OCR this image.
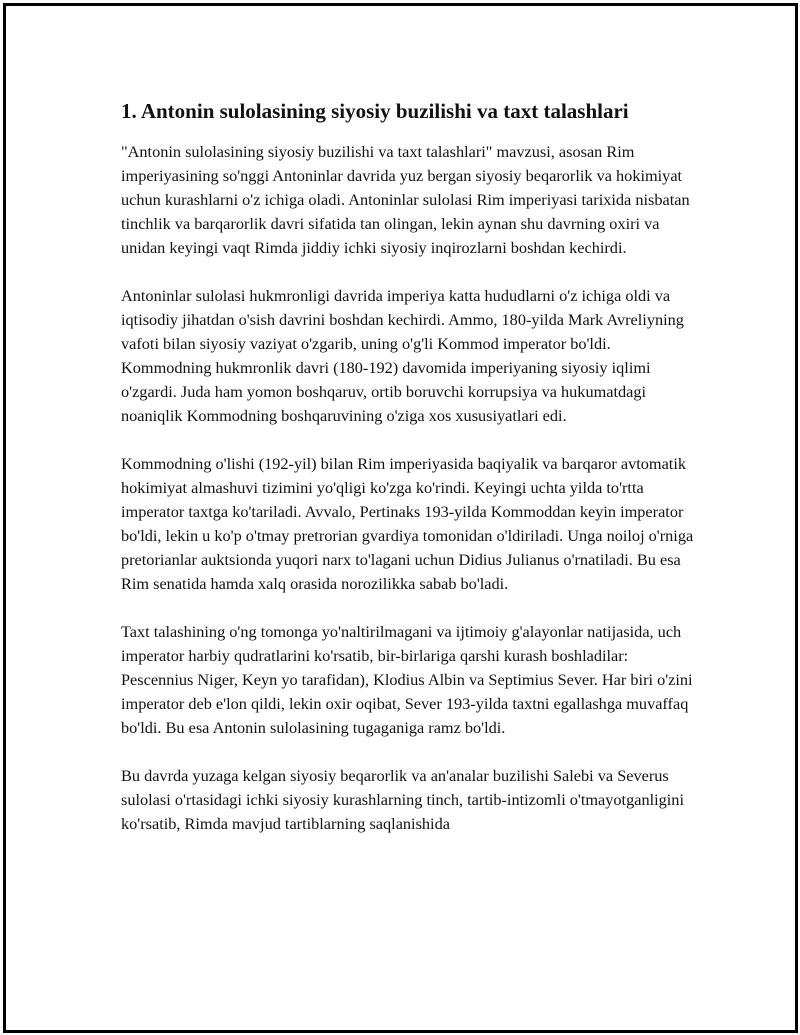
1. Antonin sulolasining siyosiy buzilishi va taxt talashlari

"Antonin sulolasining siyosiy buzilishi va taxt talashlari" mavzusi, asosan Rim imperiyasining so'nggi Antoninlar davrida yuz bergan siyosiy beqarorlik va hokimiyat uchun kurashlarni o'z ichiga oladi. Antoninlar sulolasi Rim imperiyasi tarixida nisbatan tinchlik va barqarorlik davri sifatida tan olingan, lekin aynan shu davrning oxiri va unidan keyingi vaqt Rimda jiddiy ichki siyosiy inqirozlarni boshdan kechirdi.

Antoninlar sulolasi hukmronligi davrida imperiya katta hududlarni o'z ichiga oldi va iqtisodiy jihatdan o'sish davrini boshdan kechirdi. Ammo, 180-yilda Mark Avreliyning vafoti bilan siyosiy vaziyat o'zgarib, uning o'g'li Kommod imperator bo'ldi. Kommodning hukmronlik davri (180-192) davomida imperiyaning siyosiy iqlimi o'zgardi. Juda ham yomon boshqaruv, ortib boruvchi korrupsiya va hukumatdagi noaniqlik Kommodning boshqaruvining o'ziga xos xususiyatlari edi.

Kommodning o'lishi (192-yil) bilan Rim imperiyasida baqiyalik va barqaror avtomatik hokimiyat almashuvi tizimini yo'qligi ko'zga ko'rindi. Keyingi uchta yilda to'rtta imperator taxtga ko'tariladi. Avvalo, Pertinaks 193-yilda Kommoddan keyin imperator bo'ldi, lekin u ko'p o'tmay pretrorian gvardiya tomonidan o'ldiriladi. Unga noiloj o'rniga pretorianlar auktsionda yuqori narx to'lagani uchun Didius Julianus o'rnatiladi. Bu esa Rim senatida hamda xalq orasida norozilikka sabab bo'ladi.

Taxt talashining o'ng tomonga yo'naltirilmagani va ijtimoiy g'alayonlar natijasida, uch imperator harbiy qudratlarini ko'rsatib, bir-birlariga qarshi kurash boshladilar: Pescennius Niger, Keyn yo tarafidan), Klodius Albin va Septimius Sever. Har biri o'zini imperator deb e'lon qildi, lekin oxir oqibat, Sever 193-yilda taxtni egallashga muvaffaq bo'ldi. Bu esa Antonin sulolasining tugaganiga ramz bo'ldi.

Bu davrda yuzaga kelgan siyosiy beqarorlik va an'analar buzilishi Salebi va Severus sulolasi o'rtasidagi ichki siyosiy kurashlarning tinch, tartib-intizomli o'tmayotganligini ko'rsatib, Rimda mavjud tartiblarning saqlanishida
